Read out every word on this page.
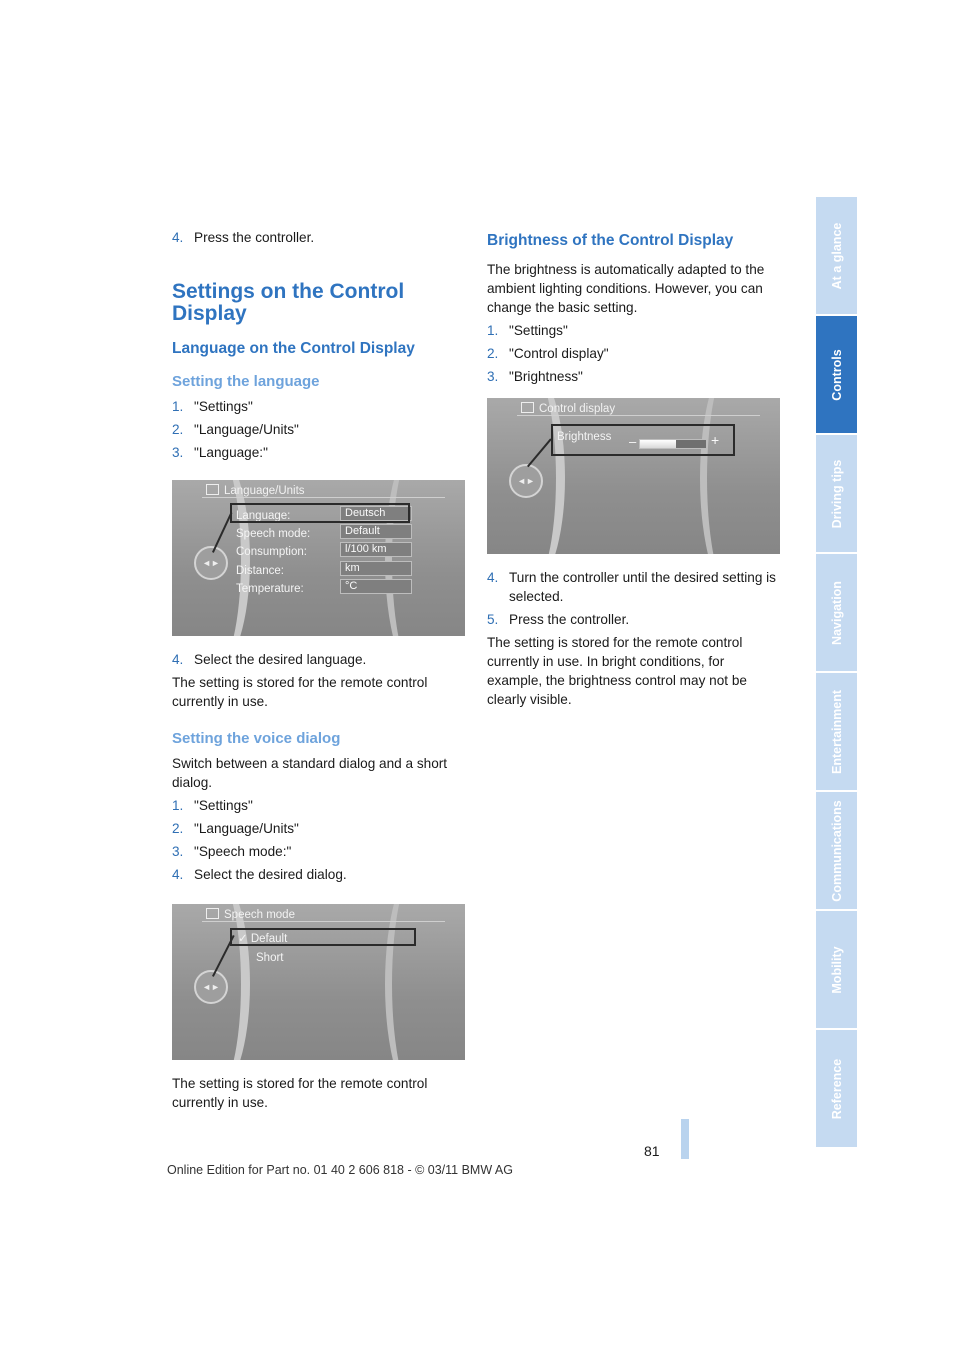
4. Press the controller.
Settings on the Control Display
Language on the Control Display
Setting the language
1. "Settings"
2. "Language/Units"
3. "Language:"
◄►
Language/Units
Language:	Deutsch
Speech mode:	Default
Consumption:	l/100 km
Distance:	km
Temperature:	°C
4. Select the desired language.

The setting is stored for the remote control currently in use.

Setting the voice dialog

Switch between a standard dialog and a short dialog.

1. "Settings"
2. "Language/Units"
3. "Speech mode:"
4. Select the desired dialog.
◄►
Speech mode
✓ Default
Short

The setting is stored for the remote control currently in use.

Brightness of the Control Display

The brightness is automatically adapted to the ambient lighting conditions. However, you can change the basic setting.

1. "Settings"
2. "Control display"
3. "Brightness"
◄►
Control display
Brightness –	+
4. Turn the controller until the desired setting is selected.
5. Press the controller.

The setting is stored for the remote control currently in use. In bright conditions, for example, the brightness control may not be clearly visible.

81
Online Edition for Part no. 01 40 2 606 818 - © 03/11 BMW AG
At a glance
Controls
Driving tips
Navigation
Entertainment
Communications
Mobility
Reference
